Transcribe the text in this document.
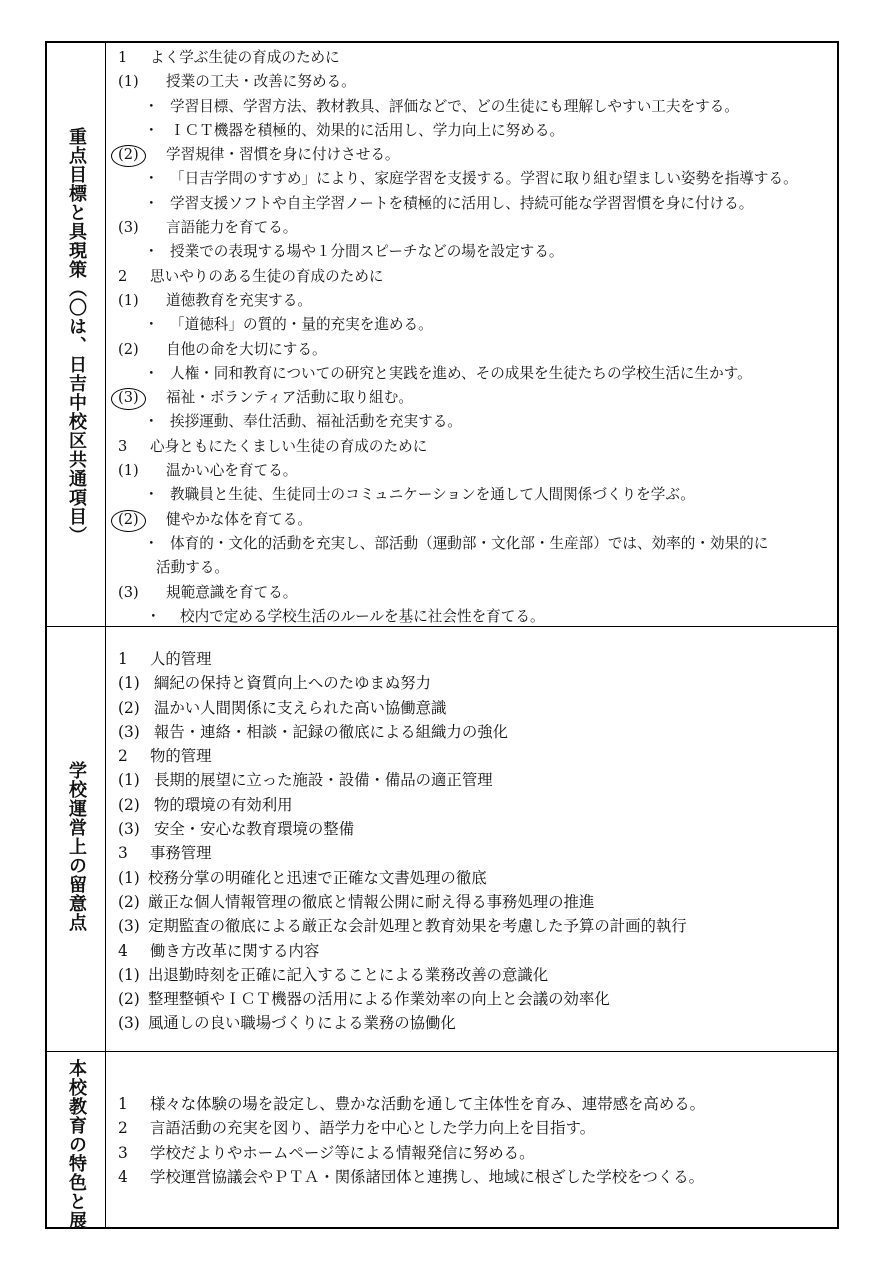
重点目標と具現策（〇は、日吉中校区共通項目）
学校運営上の留意点
本校教育の特色と展
1 よく学ぶ生徒の育成のために
(1) 授業の工夫・改善に努める。
・ 学習目標、学習方法、教材教具、評価などで、どの生徒にも理解しやすい工夫をする。
・ ＩＣＴ機器を積極的、効果的に活用し、学力向上に努める。
(2) 学習規律・習慣を身に付けさせる。
・ 「日吉学問のすすめ」により、家庭学習を支援する。学習に取り組む望ましい姿勢を指導する。
・ 学習支援ソフトや自主学習ノートを積極的に活用し、持続可能な学習習慣を身に付ける。
(3) 言語能力を育てる。
・ 授業での表現する場や１分間スピーチなどの場を設定する。
2 思いやりのある生徒の育成のために
(1) 道徳教育を充実する。
・ 「道徳科」の質的・量的充実を進める。
(2) 自他の命を大切にする。
・ 人権・同和教育についての研究と実践を進め、その成果を生徒たちの学校生活に生かす。
(3) 福祉・ボランティア活動に取り組む。
・ 挨拶運動、奉仕活動、福祉活動を充実する。
3 心身ともにたくましい生徒の育成のために
(1) 温かい心を育てる。
・ 教職員と生徒、生徒同士のコミュニケーションを通して人間関係づくりを学ぶ。
(2) 健やかな体を育てる。
・ 体育的・文化的活動を充実し、部活動（運動部・文化部・生産部）では、効率的・効果的に
活動する。
(3) 規範意識を育てる。
・ 校内で定める学校生活のルールを基に社会性を育てる。
1 人的管理
(1) 綱紀の保持と資質向上へのたゆまぬ努力
(2) 温かい人間関係に支えられた高い協働意識
(3) 報告・連絡・相談・記録の徹底による組織力の強化
2 物的管理
(1) 長期的展望に立った施設・設備・備品の適正管理
(2) 物的環境の有効利用
(3) 安全・安心な教育環境の整備
3 事務管理
(1) 校務分掌の明確化と迅速で正確な文書処理の徹底
(2) 厳正な個人情報管理の徹底と情報公開に耐え得る事務処理の推進
(3) 定期監査の徹底による厳正な会計処理と教育効果を考慮した予算の計画的執行
4 働き方改革に関する内容
(1) 出退勤時刻を正確に記入することによる業務改善の意識化
(2) 整理整頓やＩＣＴ機器の活用による作業効率の向上と会議の効率化
(3) 風通しの良い職場づくりによる業務の協働化
1 様々な体験の場を設定し、豊かな活動を通して主体性を育み、連帯感を高める。
2 言語活動の充実を図り、語学力を中心とした学力向上を目指す。
3 学校だよりやホームページ等による情報発信に努める。
4 学校運営協議会やＰＴＡ・関係諸団体と連携し、地域に根ざした学校をつくる。
